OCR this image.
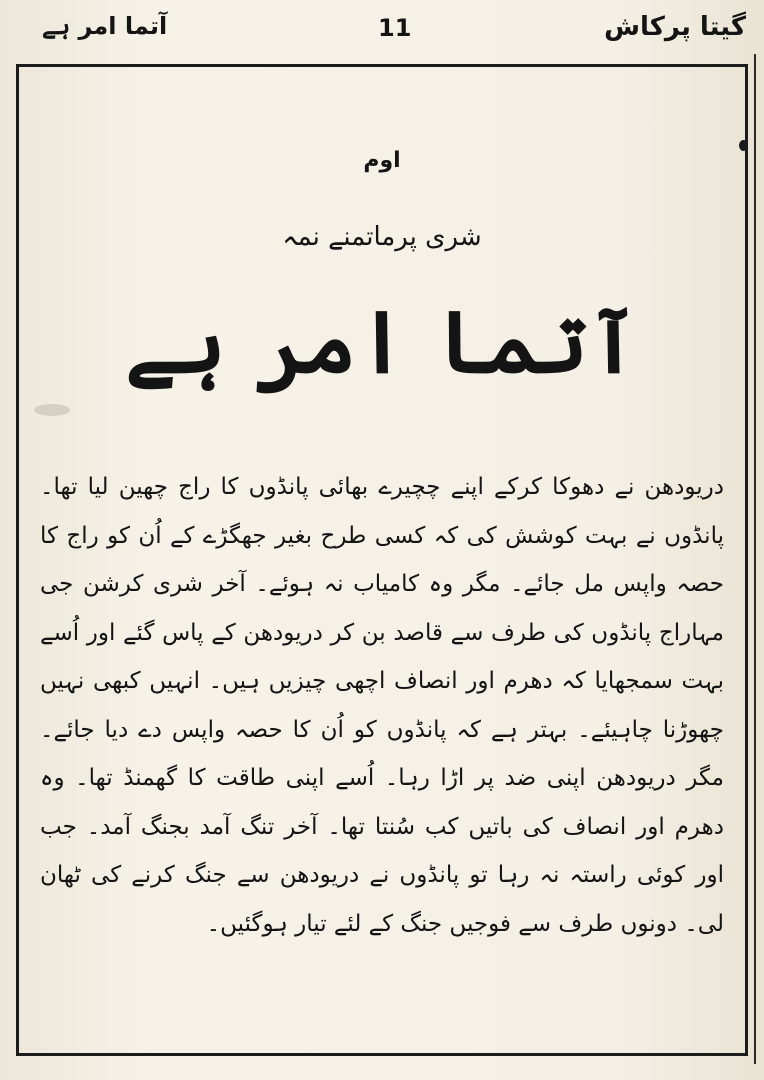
آتما امر ہے	11	گیتا پرکاش
اوم
شری پرماتمنے نمہ
آتما امر ہے

دریودھن نے دھوکا کرکے اپنے چچیرے بھائی پانڈوں کا راج چھین لیا تھا۔ پانڈوں نے بہت کوشش کی کہ کسی طرح بغیر جھگڑے کے اُن کو راج کا حصہ واپس مل جائے۔ مگر وہ کامیاب نہ ہوئے۔ آخر شری کرشن جی مہاراج پانڈوں کی طرف سے قاصد بن کر دریودھن کے پاس گئے اور اُسے بہت سمجھایا کہ دھرم اور انصاف اچھی چیزیں ہیں۔ انہیں کبھی نہیں چھوڑنا چاہیئے۔ بہتر ہے کہ پانڈوں کو اُن کا حصہ واپس دے دیا جائے۔ مگر دریودھن اپنی ضد پر اڑا رہا۔ اُسے اپنی طاقت کا گھمنڈ تھا۔ وہ دھرم اور انصاف کی باتیں کب سُنتا تھا۔ آخر تنگ آمد بجنگ آمد۔ جب اور کوئی راستہ نہ رہا تو پانڈوں نے دریودھن سے جنگ کرنے کی ٹھان لی۔ دونوں طرف سے فوجیں جنگ کے لئے تیار ہوگئیں۔
